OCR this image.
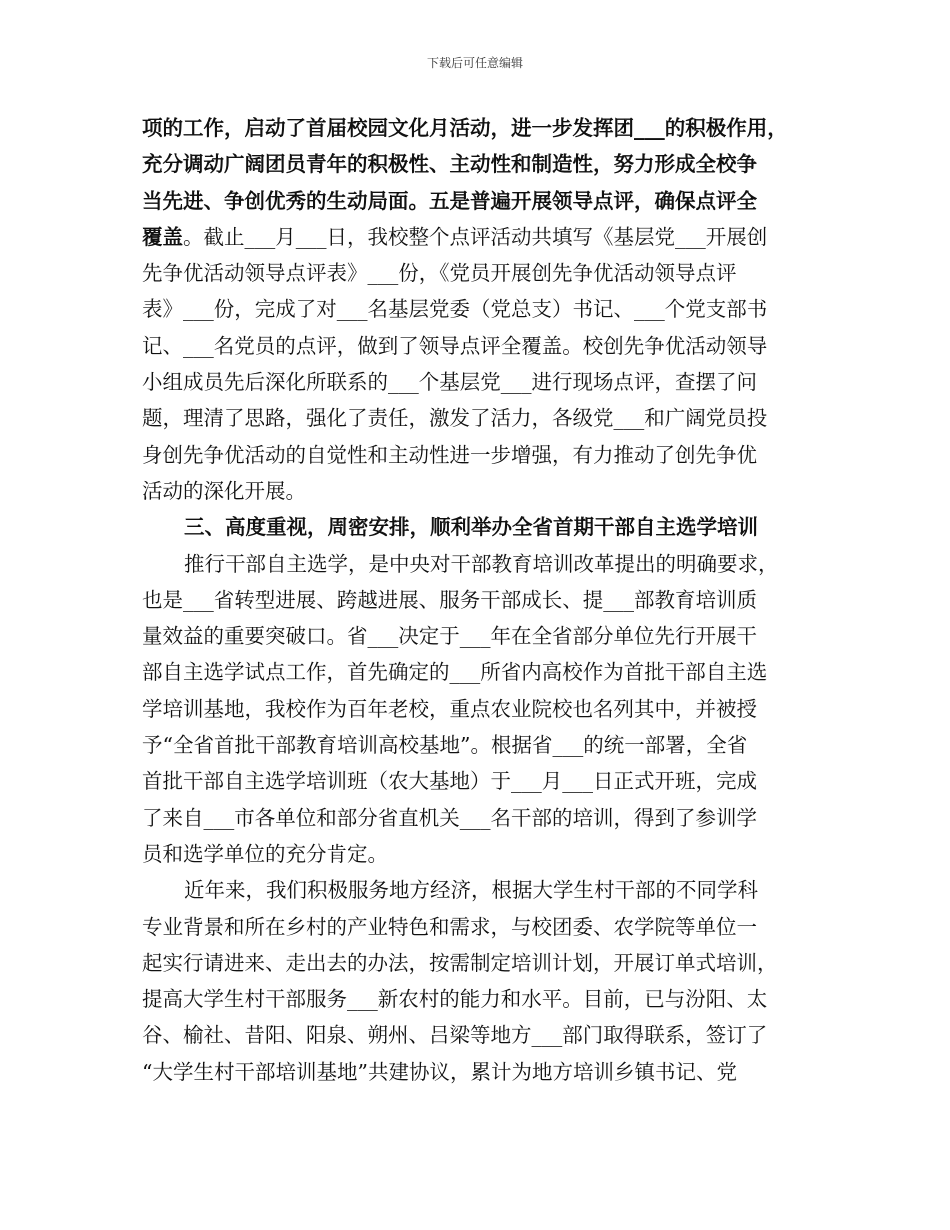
下载后可任意编辑
项的工作，启动了首届校园文化月活动，进一步发挥团___的积极作用，
充分调动广阔团员青年的积极性、主动性和制造性，努力形成全校争
当先进、争创优秀的生动局面。五是普遍开展领导点评，确保点评全
覆盖。截止___月___日，我校整个点评活动共填写《基层党___开展创
先争优活动领导点评表》___份，《党员开展创先争优活动领导点评
表》___份，完成了对___名基层党委（党总支）书记、___个党支部书
记、___名党员的点评，做到了领导点评全覆盖。校创先争优活动领导
小组成员先后深化所联系的___个基层党___进行现场点评，查摆了问
题，理清了思路，强化了责任，激发了活力，各级党___和广阔党员投
身创先争优活动的自觉性和主动性进一步增强，有力推动了创先争优
活动的深化开展。
三、高度重视，周密安排，顺利举办全省首期干部自主选学培训
推行干部自主选学，是中央对干部教育培训改革提出的明确要求，
也是___省转型进展、跨越进展、服务干部成长、提___部教育培训质
量效益的重要突破口。省___决定于___年在全省部分单位先行开展干
部自主选学试点工作，首先确定的___所省内高校作为首批干部自主选
学培训基地，我校作为百年老校，重点农业院校也名列其中，并被授
予“全省首批干部教育培训高校基地”。根据省___的统一部署，全省
首批干部自主选学培训班（农大基地）于___月___日正式开班，完成
了来自___市各单位和部分省直机关___名干部的培训，得到了参训学
员和选学单位的充分肯定。
近年来，我们积极服务地方经济，根据大学生村干部的不同学科
专业背景和所在乡村的产业特色和需求，与校团委、农学院等单位一
起实行请进来、走出去的办法，按需制定培训计划，开展订单式培训，
提高大学生村干部服务___新农村的能力和水平。目前，已与汾阳、太
谷、榆社、昔阳、阳泉、朔州、吕梁等地方___部门取得联系，签订了
“大学生村干部培训基地”共建协议，累计为地方培训乡镇书记、党
